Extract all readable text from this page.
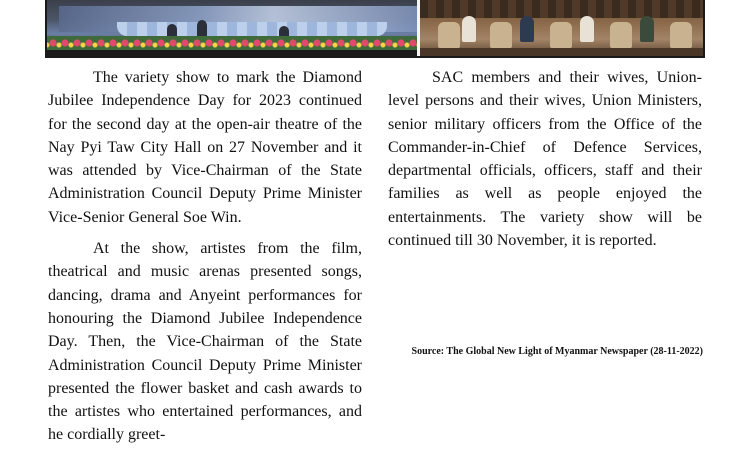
The variety show to mark the Diamond Jubilee Independence Day for 2023 continued for the second day at the open-air theatre of the Nay Pyi Taw City Hall on 27 November and it was attended by Vice-Chairman of the State Administration Council Deputy Prime Minister Vice-Senior General Soe Win.

At the show, artistes from the film, theatrical and music arenas presented songs, dancing, drama and Anyeint performances for honouring the Diamond Jubilee Independence Day. Then, the Vice-Chairman of the State Administration Council Deputy Prime Minister presented the flower basket and cash awards to the artistes who entertained performances, and he cordially greet-

SAC members and their wives, Union-level persons and their wives, Union Ministers, senior military officers from the Office of the Commander-in-Chief of Defence Services, departmental officials, officers, staff and their families as well as people enjoyed the entertainments. The variety show will be continued till 30 November, it is reported.

Source: The Global New Light of Myanmar Newspaper (28-11-2022)
